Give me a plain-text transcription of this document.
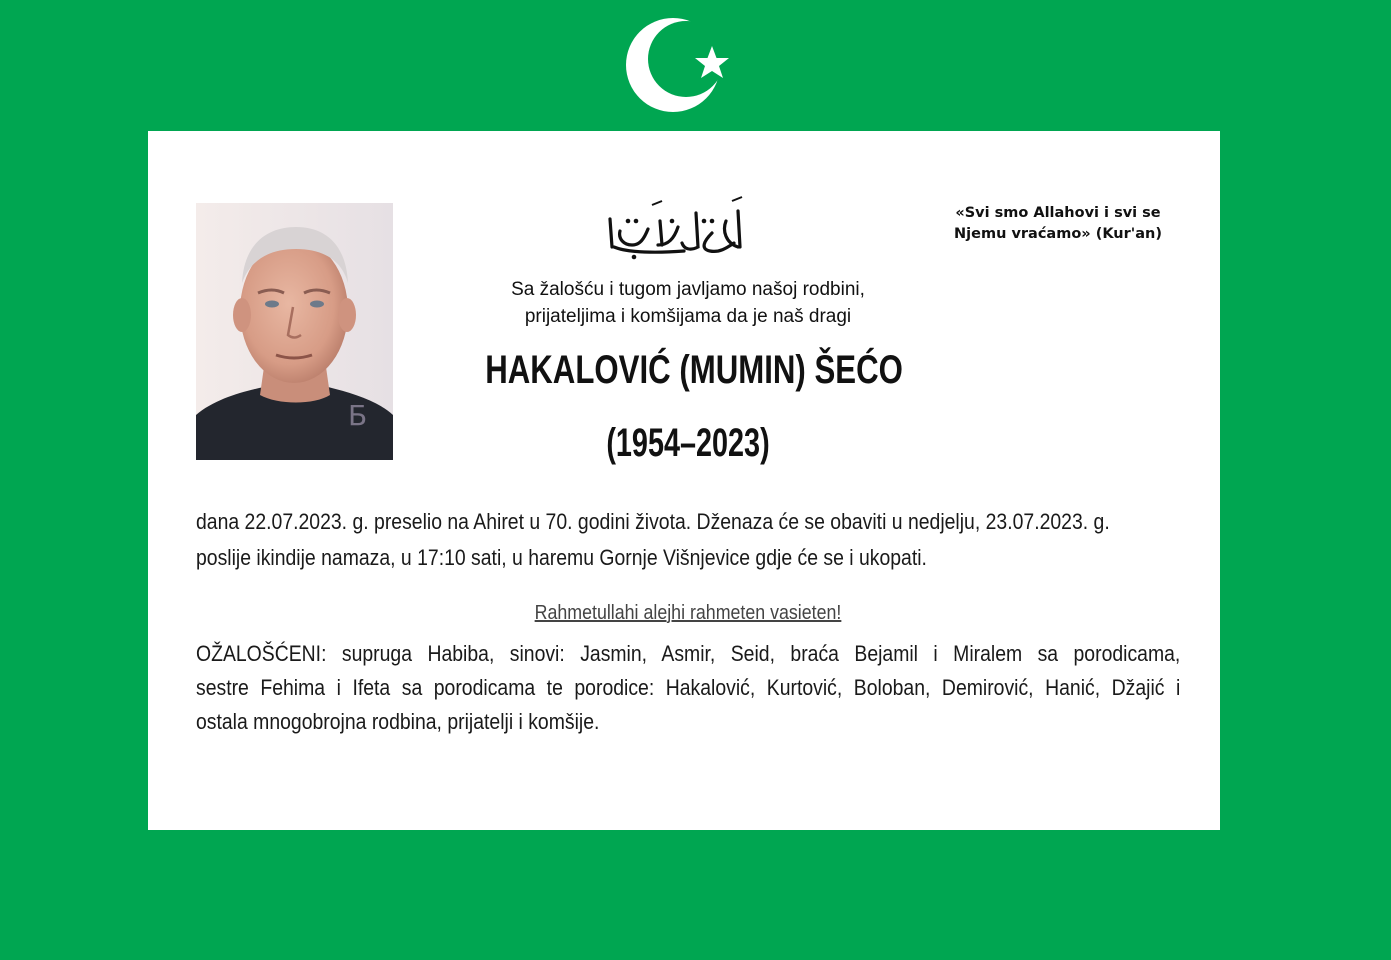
Б
«Svi smo Allahovi i svi se
Njemu vraćamo» (Kur'an)
Sa žalošću i tugom javljamo našoj rodbini,
prijateljima i komšijama da je naš dragi
HAKALOVIĆ (MUMIN) ŠEĆO
(1954–2023)
dana 22.07.2023. g. preselio na Ahiret u 70. godini života. Dženaza će se obaviti u nedjelju, 23.07.2023. g.
poslije ikindije namaza, u 17:10 sati, u haremu Gornje Višnjevice gdje će se i ukopati.
Rahmetullahi alejhi rahmeten vasieten!
OŽALOŠĆENI: supruga Habiba, sinovi: Jasmin, Asmir, Seid, braća Bejamil i Miralem sa porodicama,
sestre Fehima i Ifeta sa porodicama te porodice: Hakalović, Kurtović, Boloban, Demirović, Hanić, Džajić i
ostala mnogobrojna rodbina, prijatelji i komšije.
